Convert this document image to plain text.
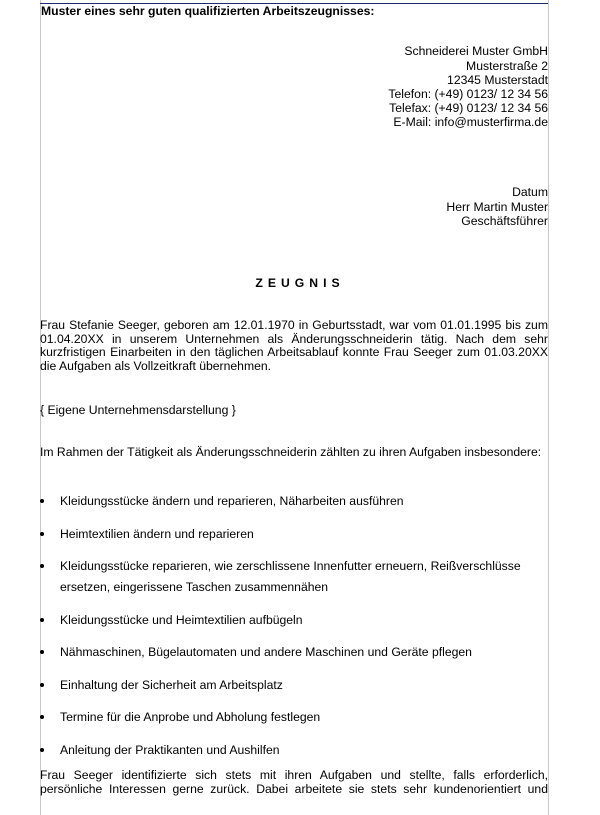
Muster eines sehr guten qualifizierten Arbeitszeugnisses:
Schneiderei Muster GmbH
Musterstraße 2
12345 Musterstadt
Telefon: (+49) 0123/ 12 34 56
Telefax: (+49) 0123/ 12 34 56
E-Mail: info@musterfirma.de
Datum
Herr Martin Muster
Geschäftsführer
ZEUGNIS
Frau Stefanie Seeger, geboren am 12.01.1970 in Geburtsstadt, war vom 01.01.1995 bis zum 01.04.20XX in unserem Unternehmen als Änderungsschneiderin tätig. Nach dem sehr kurzfristigen Einarbeiten in den täglichen Arbeitsablauf konnte Frau Seeger zum 01.03.20XX die Aufgaben als Vollzeitkraft übernehmen.
{ Eigene Unternehmensdarstellung }
Im Rahmen der Tätigkeit als Änderungsschneiderin zählten zu ihren Aufgaben insbesondere:
Kleidungsstücke ändern und reparieren, Näharbeiten ausführen
Heimtextilien ändern und reparieren
Kleidungsstücke reparieren, wie zerschlissene Innenfutter erneuern, Reißverschlüsse ersetzen, eingerissene Taschen zusammennähen
Kleidungsstücke und Heimtextilien aufbügeln
Nähmaschinen, Bügelautomaten und andere Maschinen und Geräte pflegen
Einhaltung der Sicherheit am Arbeitsplatz
Termine für die Anprobe und Abholung festlegen
Anleitung der Praktikanten und Aushilfen
Frau Seeger identifizierte sich stets mit ihren Aufgaben und stellte, falls erforderlich, persönliche Interessen gerne zurück. Dabei arbeitete sie stets sehr kundenorientiert und
